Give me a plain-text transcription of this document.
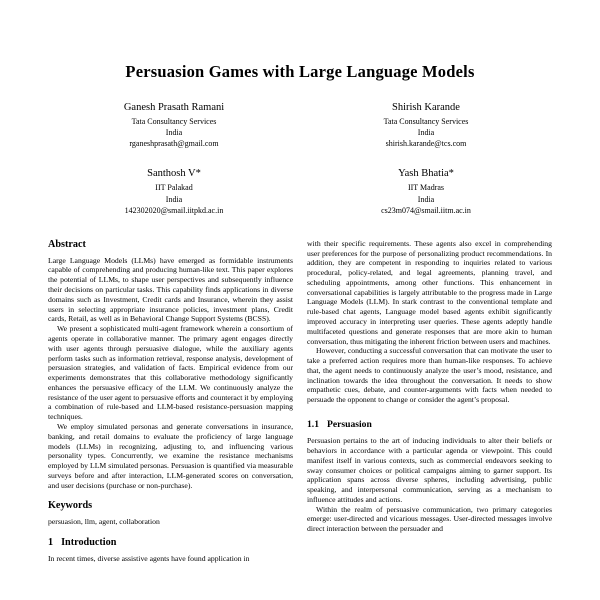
Persuasion Games with Large Language Models
Ganesh Prasath Ramani
Tata Consultancy Services
India
rganeshprasath@gmail.com
Shirish Karande
Tata Consultancy Services
India
shirish.karande@tcs.com
Santhosh V*
IIT Palakad
India
142302020@smail.iitpkd.ac.in
Yash Bhatia*
IIT Madras
India
cs23m074@smail.iitm.ac.in
Abstract

Large Language Models (LLMs) have emerged as formidable instruments capable of comprehending and producing human-like text. This paper explores the potential of LLMs, to shape user perspectives and subsequently influence their decisions on particular tasks. This capability finds applications in diverse domains such as Investment, Credit cards and Insurance, wherein they assist users in selecting appropriate insurance policies, investment plans, Credit cards, Retail, as well as in Behavioral Change Support Systems (BCSS).

We present a sophisticated multi-agent framework wherein a consortium of agents operate in collaborative manner. The primary agent engages directly with user agents through persuasive dialogue, while the auxiliary agents perform tasks such as information retrieval, response analysis, development of persuasion strategies, and validation of facts. Empirical evidence from our experiments demonstrates that this collaborative methodology significantly enhances the persuasive efficacy of the LLM. We continuously analyze the resistance of the user agent to persuasive efforts and counteract it by employing a combination of rule-based and LLM-based resistance-persuasion mapping techniques.

We employ simulated personas and generate conversations in insurance, banking, and retail domains to evaluate the proficiency of large language models (LLMs) in recognizing, adjusting to, and influencing various personality types. Concurrently, we examine the resistance mechanisms employed by LLM simulated personas. Persuasion is quantified via measurable surveys before and after interaction, LLM-generated scores on conversation, and user decisions (purchase or non-purchase).

Keywords

persuasion, llm, agent, collaboration

1 Introduction

In recent times, diverse assistive agents have found application in

with their specific requirements. These agents also excel in comprehending user preferences for the purpose of personalizing product recommendations. In addition, they are competent in responding to inquiries related to various procedural, policy-related, and legal agreements, planning travel, and scheduling appointments, among other functions. This enhancement in conversational capabilities is largely attributable to the progress made in Large Language Models (LLM). In stark contrast to the conventional template and rule-based chat agents, Language model based agents exhibit significantly improved accuracy in interpreting user queries. These agents adeptly handle multifaceted questions and generate responses that are more akin to human conversation, thus mitigating the inherent friction between users and machines.

However, conducting a successful conversation that can motivate the user to take a preferred action requires more than human-like responses. To achieve that, the agent needs to continuously analyze the user’s mood, resistance, and inclination towards the idea throughout the conversation. It needs to show empathetic cues, debate, and counter-arguments with facts when needed to persuade the opponent to change or consider the agent’s proposal.

1.1 Persuasion

Persuasion pertains to the art of inducing individuals to alter their beliefs or behaviors in accordance with a particular agenda or viewpoint. This could manifest itself in various contexts, such as commercial endeavors seeking to sway consumer choices or political campaigns aiming to garner support. Its application spans across diverse spheres, including advertising, public speaking, and interpersonal communication, serving as a mechanism to influence attitudes and actions.

Within the realm of persuasive communication, two primary categories emerge: user-directed and vicarious messages. User-directed messages involve direct interaction between the persuader and
